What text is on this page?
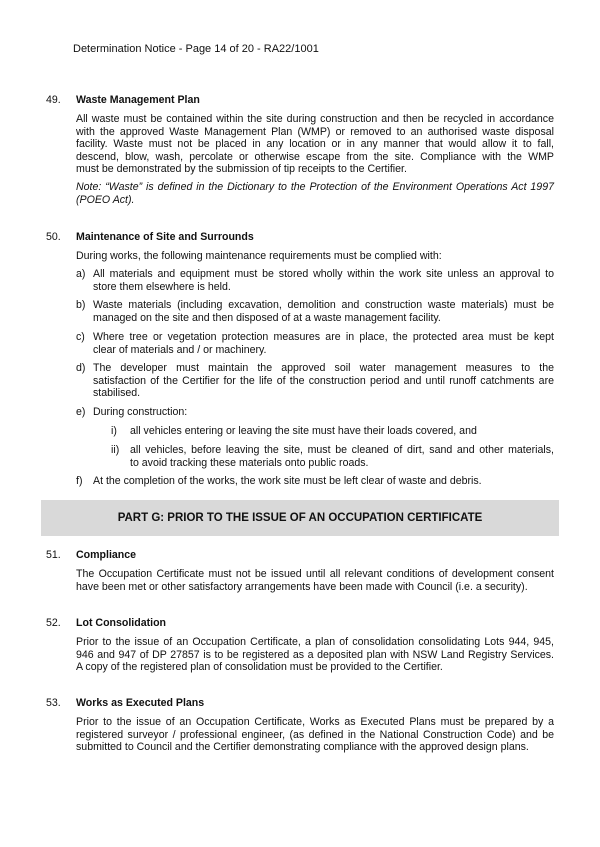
Determination Notice - Page 14 of 20 - RA22/1001
49. Waste Management Plan
All waste must be contained within the site during construction and then be recycled in accordance
with the approved Waste Management Plan (WMP) or removed to an authorised waste disposal
facility. Waste must not be placed in any location or in any manner that would allow it to fall,
descend, blow, wash, percolate or otherwise escape from the site. Compliance with the WMP
must be demonstrated by the submission of tip receipts to the Certifier.
Note: “Waste” is defined in the Dictionary to the Protection of the Environment Operations Act 1997
(POEO Act).
50. Maintenance of Site and Surrounds
During works, the following maintenance requirements must be complied with:
a) All materials and equipment must be stored wholly within the work site unless an approval to
store them elsewhere is held.
b) Waste materials (including excavation, demolition and construction waste materials) must be
managed on the site and then disposed of at a waste management facility.
c) Where tree or vegetation protection measures are in place, the protected area must be kept
clear of materials and / or machinery.
d) The developer must maintain the approved soil water management measures to the
satisfaction of the Certifier for the life of the construction period and until runoff catchments are
stabilised.
e) During construction:
i) all vehicles entering or leaving the site must have their loads covered, and
ii) all vehicles, before leaving the site, must be cleaned of dirt, sand and other materials,
to avoid tracking these materials onto public roads.
f) At the completion of the works, the work site must be left clear of waste and debris.
PART G: PRIOR TO THE ISSUE OF AN OCCUPATION CERTIFICATE
51. Compliance
The Occupation Certificate must not be issued until all relevant conditions of development consent
have been met or other satisfactory arrangements have been made with Council (i.e. a security).
52. Lot Consolidation
Prior to the issue of an Occupation Certificate, a plan of consolidation consolidating Lots 944, 945,
946 and 947 of DP 27857 is to be registered as a deposited plan with NSW Land Registry Services.
A copy of the registered plan of consolidation must be provided to the Certifier.
53. Works as Executed Plans
Prior to the issue of an Occupation Certificate, Works as Executed Plans must be prepared by a
registered surveyor / professional engineer, (as defined in the National Construction Code) and be
submitted to Council and the Certifier demonstrating compliance with the approved design plans.
